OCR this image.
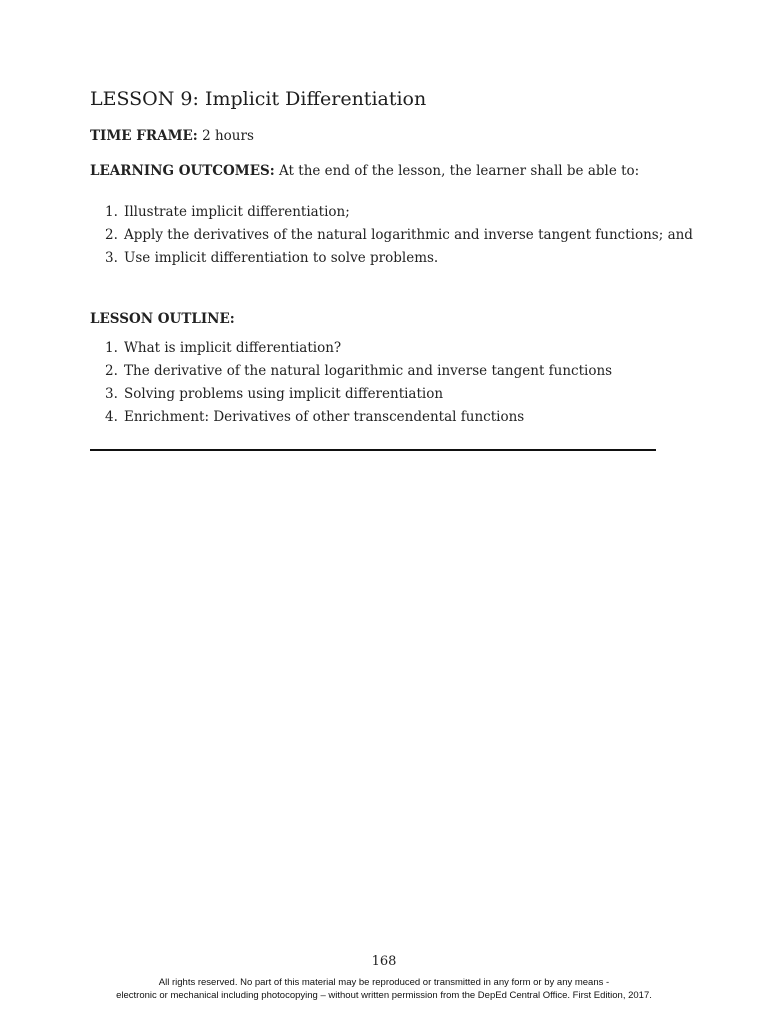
LESSON 9: Implicit Differentiation
TIME FRAME: 2 hours
LEARNING OUTCOMES: At the end of the lesson, the learner shall be able to:
1. Illustrate implicit differentiation;
2. Apply the derivatives of the natural logarithmic and inverse tangent functions; and
3. Use implicit differentiation to solve problems.
LESSON OUTLINE:
1. What is implicit differentiation?
2. The derivative of the natural logarithmic and inverse tangent functions
3. Solving problems using implicit differentiation
4. Enrichment: Derivatives of other transcendental functions
168
All rights reserved. No part of this material may be reproduced or transmitted in any form or by any means -
electronic or mechanical including photocopying – without written permission from the DepEd Central Office. First Edition, 2017.
